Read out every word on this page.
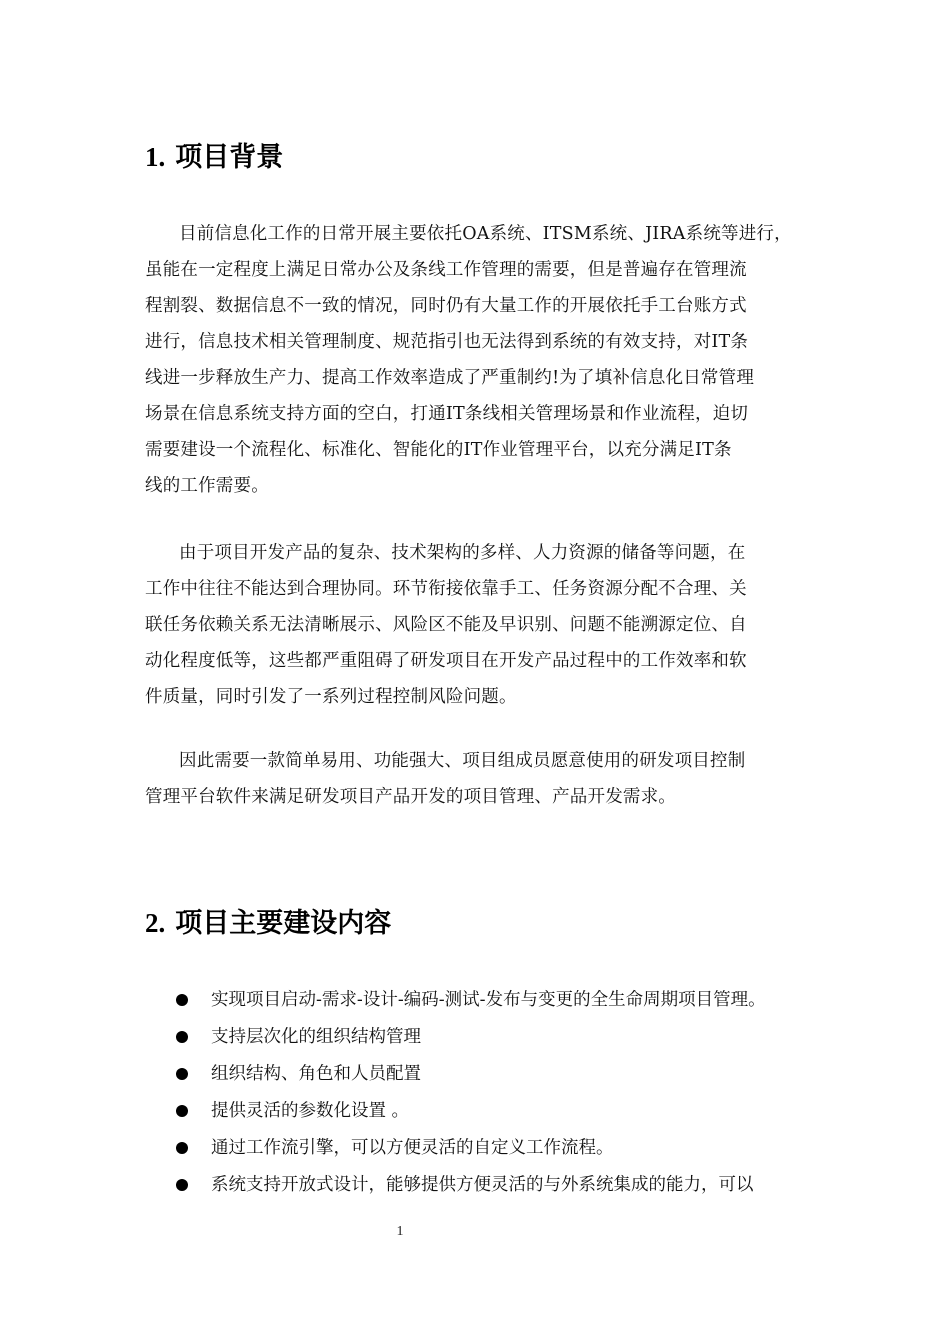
1. 项目背景
目前信息化工作的日常开展主要依托OA系统、ITSM系统、JIRA系统等进行，
虽能在一定程度上满足日常办公及条线工作管理的需要，但是普遍存在管理流
程割裂、数据信息不一致的情况，同时仍有大量工作的开展依托手工台账方式
进行，信息技术相关管理制度、规范指引也无法得到系统的有效支持，对IT条
线进一步释放生产力、提高工作效率造成了严重制约!为了填补信息化日常管理
场景在信息系统支持方面的空白，打通IT条线相关管理场景和作业流程，迫切
需要建设一个流程化、标准化、智能化的IT作业管理平台，以充分满足IT条
线的工作需要。
由于项目开发产品的复杂、技术架构的多样、人力资源的储备等问题，在
工作中往往不能达到合理协同。环节衔接依靠手工、任务资源分配不合理、关
联任务依赖关系无法清晰展示、风险区不能及早识别、问题不能溯源定位、自
动化程度低等，这些都严重阻碍了研发项目在开发产品过程中的工作效率和软
件质量，同时引发了一系列过程控制风险问题。
因此需要一款简单易用、功能强大、项目组成员愿意使用的研发项目控制
管理平台软件来满足研发项目产品开发的项目管理、产品开发需求。
2. 项目主要建设内容
实现项目启动-需求-设计-编码-测试-发布与变更的全生命周期项目管理。
支持层次化的组织结构管理
组织结构、角色和人员配置
提供灵活的参数化设置 。
通过工作流引擎，可以方便灵活的自定义工作流程。
系统支持开放式设计，能够提供方便灵活的与外系统集成的能力，可以
1
